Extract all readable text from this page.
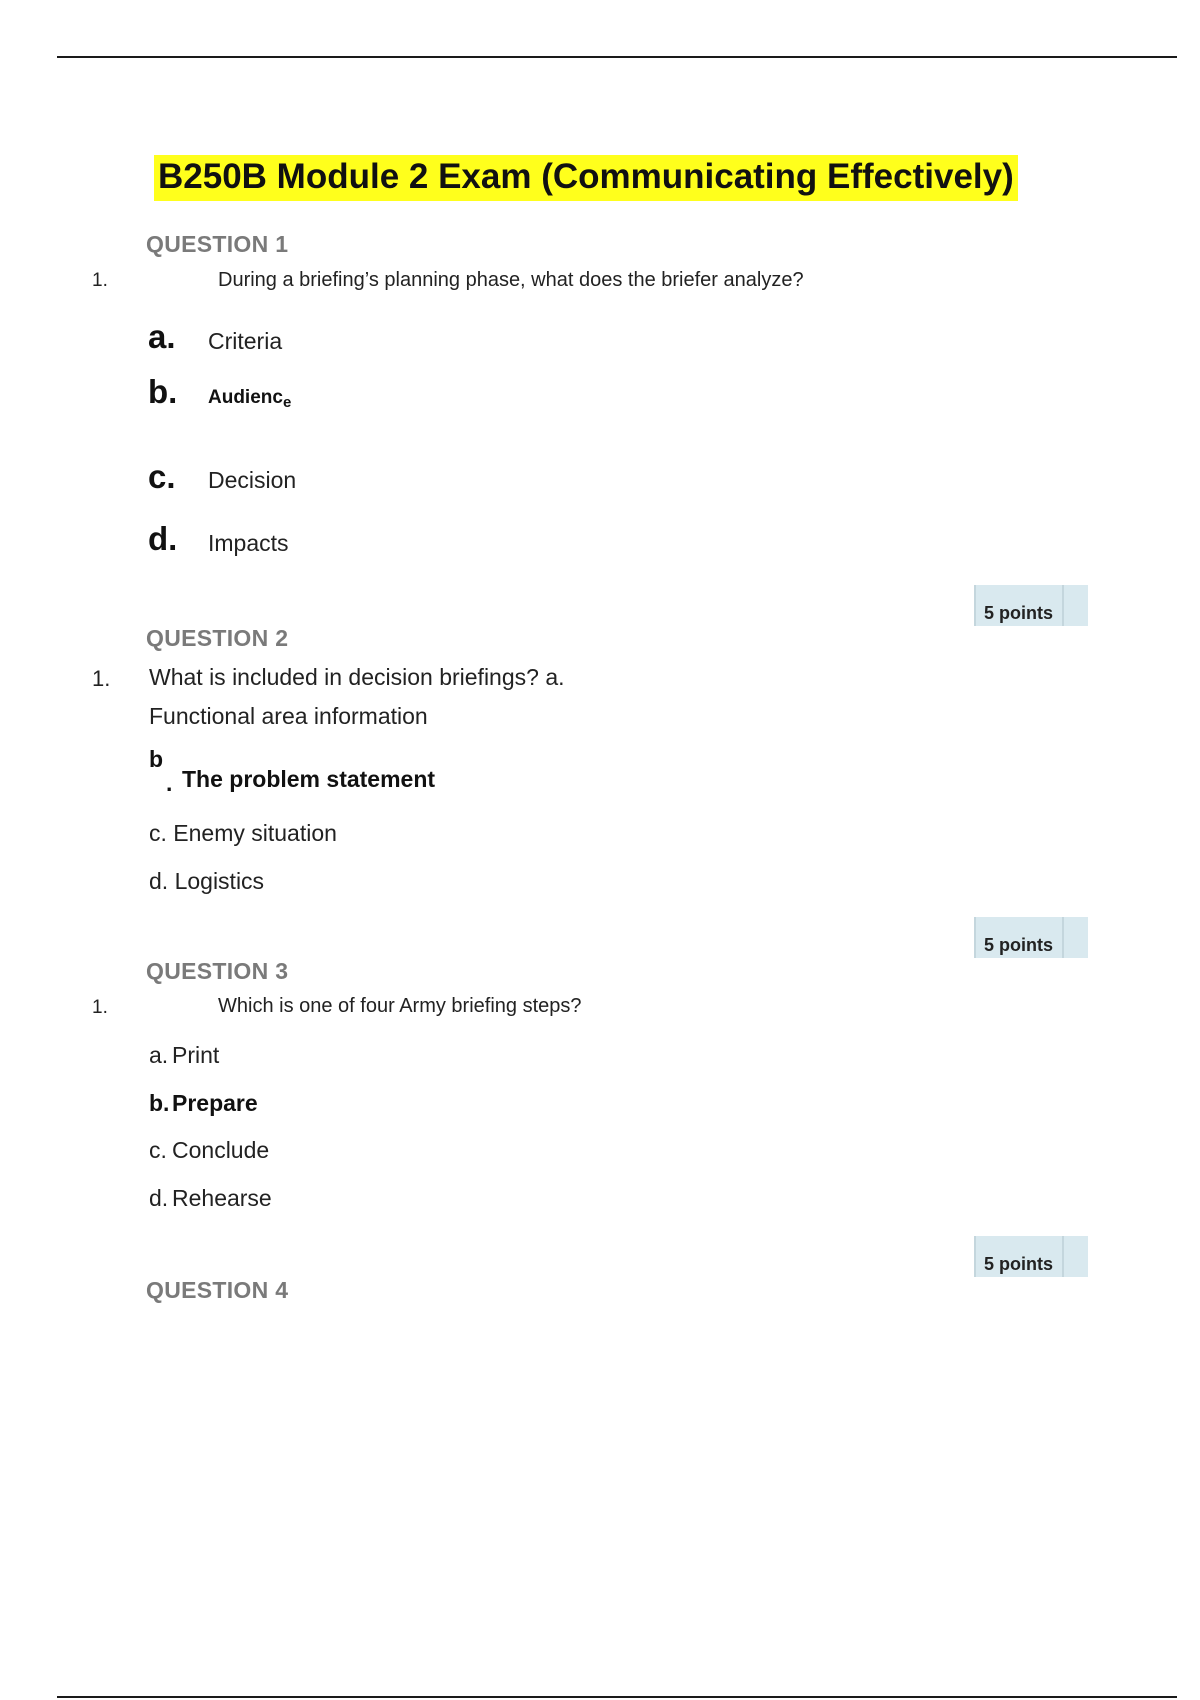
B250B Module 2 Exam (Communicating Effectively)
QUESTION 1
1.	During a briefing’s planning phase, what does the briefer analyze?
a. Criteria
b. Audienc$_e$
c. Decision
d. Impacts
5 points
QUESTION 2
1. What is included in decision briefings? a.
Functional area information
b
. The problem statement
c. Enemy situation
d. Logistics
5 points
QUESTION 3
1.	Which is one of four Army briefing steps?
a. Print
b. Prepare
c. Conclude
d. Rehearse
5 points
QUESTION 4
